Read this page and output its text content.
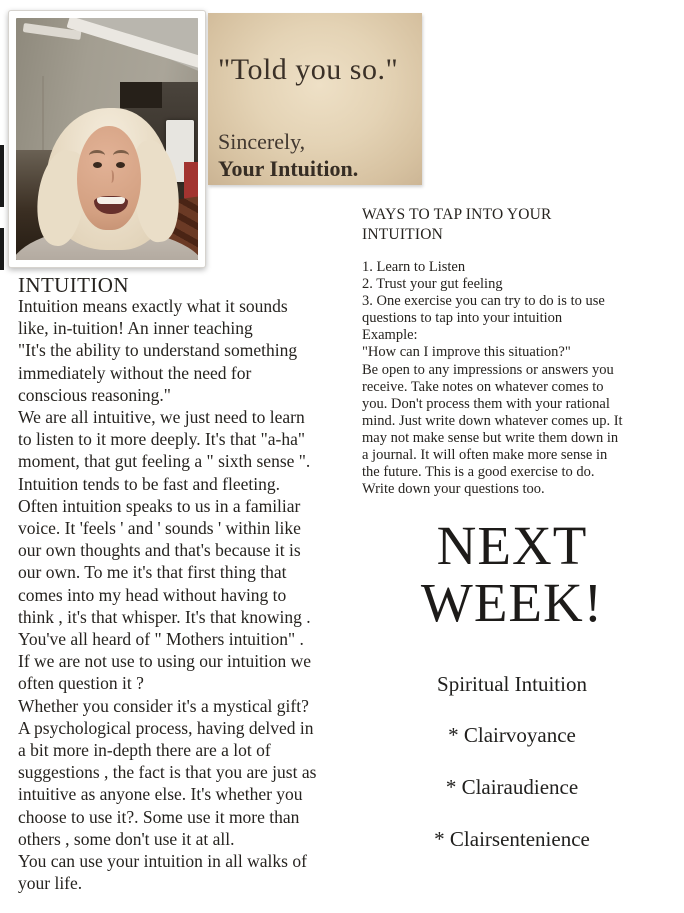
"Told you so."
Sincerely,
Your Intuition.
INTUITION
Intuition means exactly what it sounds
like, in-tuition! An inner teaching
"It's the ability to understand something
immediately without the need for
conscious reasoning."
We are all intuitive, we just need to learn
to listen to it more deeply. It's that "a-ha"
moment, that gut feeling a " sixth sense ".
Intuition tends to be fast and fleeting.
Often intuition speaks to us in a familiar
voice. It 'feels ' and ' sounds ' within like
our own thoughts and that's because it is
our own. To me it's that first thing that
comes into my head without having to
think , it's that whisper. It's that knowing .
You've all heard of " Mothers intuition" .
If we are not use to using our intuition we
often question it ?
Whether you consider it's a mystical gift?
A psychological process, having delved in
a bit more in-depth there are a lot of
suggestions , the fact is that you are just as
intuitive as anyone else. It's whether you
choose to use it?. Some use it more than
others , some don't use it at all.
You can use your intuition in all walks of
your life.
WAYS TO TAP INTO YOUR
INTUITION
1. Learn to Listen
2. Trust your gut feeling
3. One exercise you can try to do is to use
questions to tap into your intuition
Example:
"How can I improve this situation?"
Be open to any impressions or answers you
receive. Take notes on whatever comes to
you. Don't process them with your rational
mind. Just write down whatever comes up. It
may not make sense but write them down in
a journal. It will often make more sense in
the future. This is a good exercise to do.
Write down your questions too.
NEXT
WEEK!
Spiritual Intuition
* Clairvoyance
* Clairaudience
* Clairsentenience
